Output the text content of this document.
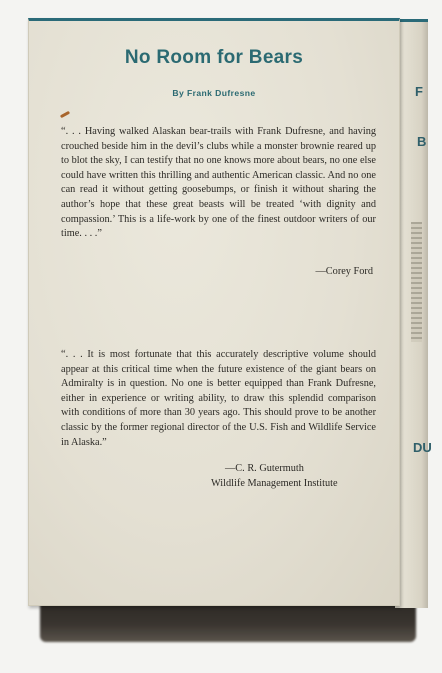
F
B
DU
No Room for Bears
By Frank Dufresne
“. . . Having walked Alaskan bear-trails with Frank Dufresne, and having crouched beside him in the devil’s clubs while a monster brownie reared up to blot the sky, I can testify that no one knows more about bears, no one else could have written this thrilling and authentic American classic. And no one can read it without getting goosebumps, or finish it without sharing the author’s hope that these great beasts will be treated ‘with dignity and compassion.’ This is a life-work by one of the finest outdoor writers of our time. . . .”
—Corey Ford
“. . . It is most fortunate that this accurately descriptive volume should appear at this critical time when the future existence of the giant bears on Admiralty is in question. No one is better equipped than Frank Dufresne, either in experience or writing ability, to draw this splendid comparison with conditions of more than 30 years ago. This should prove to be another classic by the former regional director of the U.S. Fish and Wildlife Service in Alaska.”
—C. R. Gutermuth
Wildlife Management Institute
